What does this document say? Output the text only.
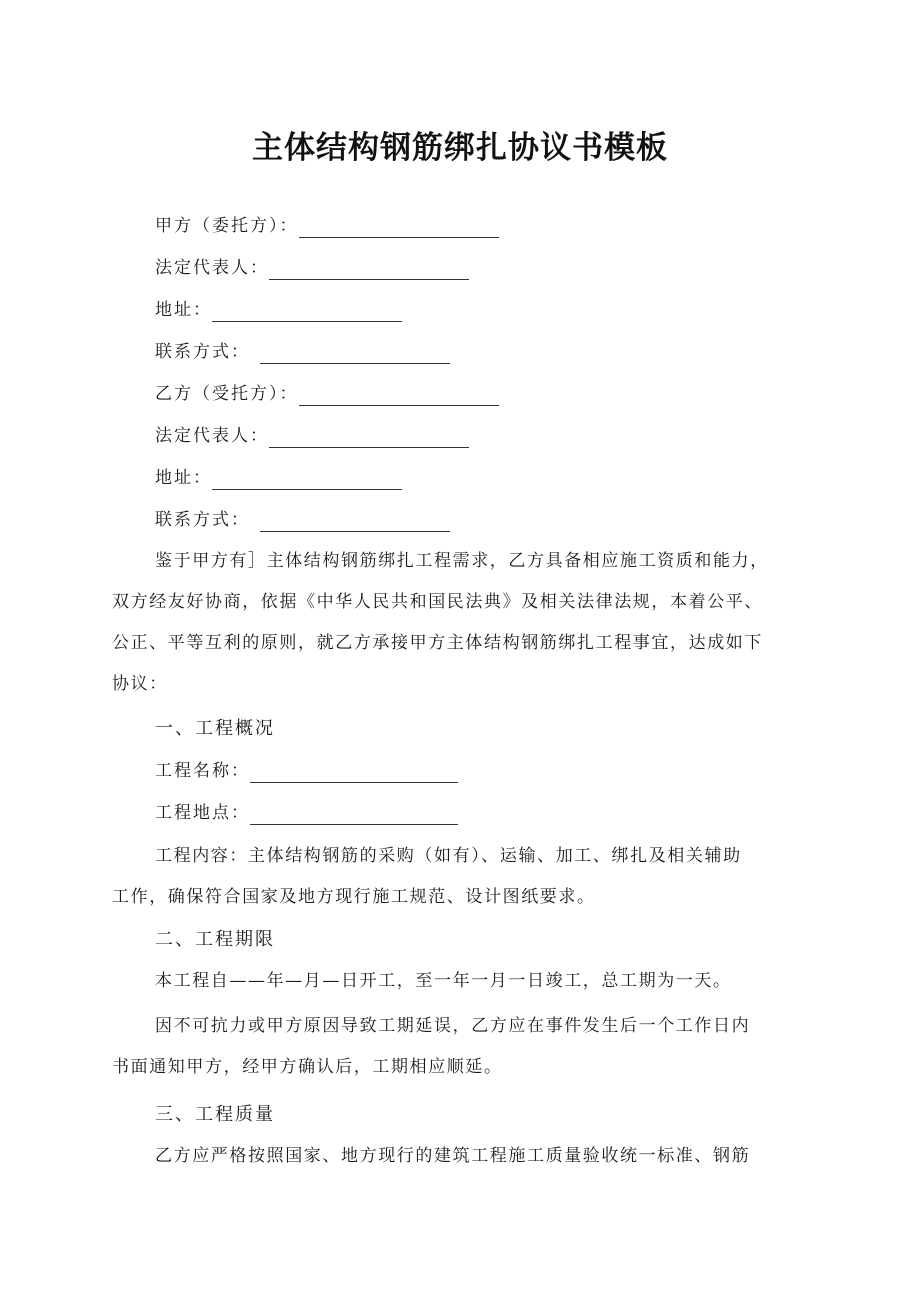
主体结构钢筋绑扎协议书模板
甲方（委托方）：
法定代表人：
地址：
联系方式：
乙方（受托方）：
法定代表人：
地址：
联系方式：
鉴于甲方有］主体结构钢筋绑扎工程需求，乙方具备相应施工资质和能力，
双方经友好协商，依据《中华人民共和国民法典》及相关法律法规，本着公平、
公正、平等互利的原则，就乙方承接甲方主体结构钢筋绑扎工程事宜，达成如下
协议：
一、工程概况
工程名称：
工程地点：
工程内容：主体结构钢筋的采购（如有）、运输、加工、绑扎及相关辅助
工作，确保符合国家及地方现行施工规范、设计图纸要求。
二、工程期限
本工程自——年—月—日开工，至一年一月一日竣工，总工期为一天。
因不可抗力或甲方原因导致工期延误，乙方应在事件发生后一个工作日内
书面通知甲方，经甲方确认后，工期相应顺延。
三、工程质量
乙方应严格按照国家、地方现行的建筑工程施工质量验收统一标准、钢筋
